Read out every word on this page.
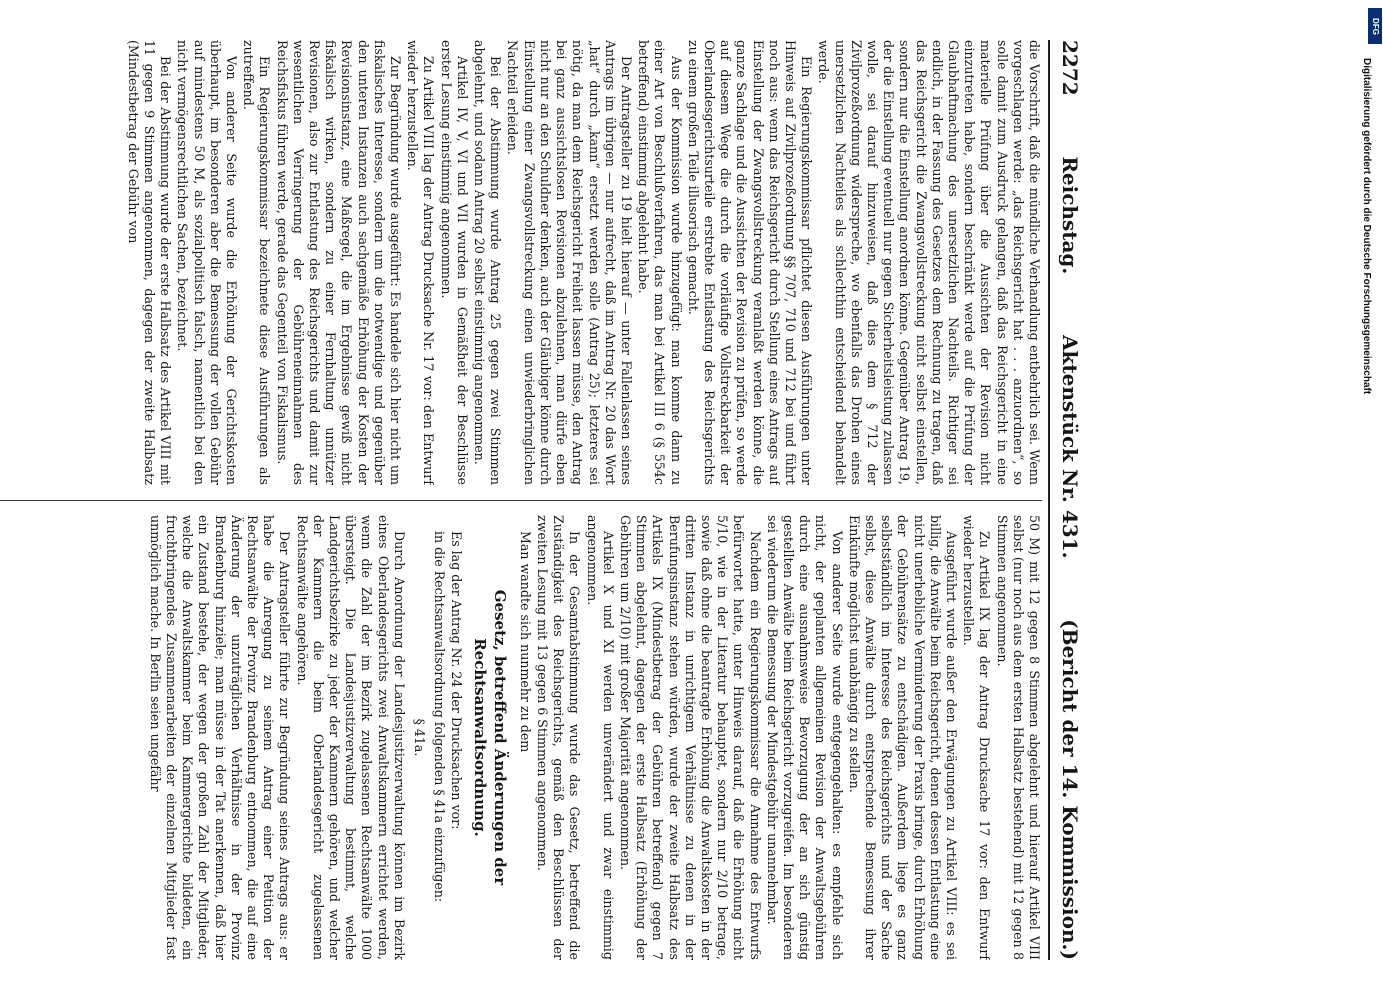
2272
Reichstag.
Aktenstück Nr. 431.
(Bericht der 14. Kommission.)

die Vorschrift, daß die mündliche Verhandlung entbehrlich sei. Wenn vorgeschlagen werde: „das Reichsgericht hat . . . anzuordnen“, so solle damit zum Ausdruck gelangen, daß das Reichsgericht in eine materielle Prüfung über die Aussichten der Revision nicht einzutreten habe, sondern beschränkt werde auf die Prüfung der Glaubhaftmachung des unersetzlichen Nachteils. Richtiger sei endlich, in der Fassung des Gesetzes dem Rechnung zu tragen, daß das Reichsgericht die Zwangsvollstreckung nicht selbst einstellen, sondern nur die Einstellung anordnen könne. Gegenüber Antrag 19, der die Einstellung eventuell nur gegen Sicherheitsleistung zulassen wolle, sei darauf hinzuweisen, daß dies dem § 712 der Zivilprozeßordnung widerspreche, wo ebenfalls das Drohen eines unersetzlichen Nachteiles als schlechthin entscheidend behandelt werde.

Ein Regierungskommissar pflichtet diesen Ausführungen unter Hinweis auf Zivilprozeßordnung §§ 707, 710 und 712 bei und führt noch aus: wenn das Reichsgericht durch Stellung eines Antrags auf Einstellung der Zwangsvollstreckung veranlaßt werden könne, die ganze Sachlage und die Aussichten der Revision zu prüfen, so werde auf diesem Wege die durch die vorläufige Vollstreckbarkeit der Oberlandesgerichtsurteile erstrebte Entlastung des Reichsgerichts zu einem großen Teile illusorisch gemacht.

Aus der Kommission wurde hinzugefügt: man komme dann zu einer Art von Beschlußverfahren, das man bei Artikel III 6 (§ 554c betreffend) einstimmig abgelehnt habe.

Der Antragsteller zu 19 hielt hierauf — unter Fallenlassen seines Antrags im übrigen — nur aufrecht, daß im Antrag Nr. 20 das Wort „hat“ durch „kann“ ersetzt werden solle (Antrag 25); letzteres sei nötig, da man dem Reichsgericht Freiheit lassen müsse, den Antrag bei ganz aussichtslosen Revisionen abzulehnen, man dürfe eben nicht nur an den Schuldner denken, auch der Gläubiger könne durch Einstellung einer Zwangsvollstreckung einen unwiederbringlichen Nachteil erleiden.

Bei der Abstimmung wurde Antrag 25 gegen zwei Stimmen abgelehnt, und sodann Antrag 20 selbst einstimmig angenommen.

Artikel IV, V, VI und VII wurden in Gemäßheit der Beschlüsse erster Lesung einstimmig angenommen.

Zu Artikel VIII lag der Antrag Drucksache Nr. 17 vor: den Entwurf wieder herzustellen.

Zur Begründung wurde ausgeführt: Es handele sich hier nicht um fiskalisches Interesse, sondern um die notwendige und gegenüber den unteren Instanzen auch sachgemäße Erhöhung der Kosten der Revisionsinstanz, eine Maßregel, die im Ergebnisse gewiß nicht fiskalisch wirken, sondern zu einer Fernhaltung unnützer Revisionen, also zur Entlastung des Reichsgerichts und damit zur wesentlichen Verringerung der Gebühreneinnahmen des Reichsfiskus führen werde, gerade das Gegenteil von Fiskalismus.

Ein Regierungskommissar bezeichnete diese Ausführungen als zutreffend.

Von anderer Seite wurde die Erhöhung der Gerichtskosten überhaupt, im besonderen aber die Bemessung der vollen Gebühr auf mindestens 50 M, als sozialpolitisch falsch, namentlich bei den nicht vermögensrechtlichen Sachen, bezeichnet.

Bei der Abstimmung wurde der erste Halbsatz des Artikel VIII mit 11 gegen 9 Stimmen angenommen, dagegen der zweite Halbsatz (Mindestbetrag der Gebühr von

50 M) mit 12 gegen 8 Stimmen abgelehnt und hierauf Artikel VIII selbst (nur noch aus dem ersten Halbsatz bestehend) mit 12 gegen 8 Stimmen angenommen.

Zu Artikel IX lag der Antrag Drucksache 17 vor: den Entwurf wieder herzustellen.

Ausgeführt wurde außer den Erwägungen zu Artikel VIII: es sei billig, die Anwälte beim Reichsgericht, denen dessen Entlastung eine nicht unerhebliche Verminderung der Praxis bringe, durch Erhöhung der Gebührensätze zu entschädigen. Außerdem liege es ganz selbstständlich im Interesse des Reichsgerichts und der Sache selbst, diese Anwälte durch entsprechende Bemessung ihrer Einkünfte möglichst unabhängig zu stellen.

Von anderer Seite wurde entgegengehalten: es empfehle sich nicht, der geplanten allgemeinen Revision der Anwaltsgebühren durch eine ausnahmsweise Bevorzugung der an sich günstig gestellten Anwälte beim Reichsgericht vorzugreifen. Im besonderen sei wiederum die Bemessung der Mindestgebühr unannehmbar.

Nachdem ein Regierungskommissar die Annahme des Entwurfs befürwortet hatte, unter Hinweis darauf, daß die Erhöhung nicht 5/10, wie in der Literatur behauptet, sondern nur 2/10 betrage, sowie daß ohne die beantragte Erhöhung die Anwaltskosten in der dritten Instanz in unrichtigem Verhältnisse zu denen in der Berufungsinstanz stehen würden, wurde der zweite Halbsatz des Artikels IX (Mindestbetrag der Gebühren betreffend) gegen 7 Stimmen abgelehnt, dagegen der erste Halbsatz (Erhöhung der Gebühren um 2/10) mit großer Majorität angenommen.

Artikel X und XI werden unverändert und zwar einstimmig angenommen.

In der Gesamtabstimmung wurde das Gesetz, betreffend die Zuständigkeit des Reichsgerichts, gemäß den Beschlüssen der zweiten Lesung mit 13 gegen 6 Stimmen angenommen.

Man wandte sich nunmehr zu dem

Gesetz, betreffend Änderungen der Rechtsanwaltsordnung.

Es lag der Antrag Nr. 24 der Drucksachen vor:

in die Rechtsanwaltsordnung folgenden § 41a einzufügen:

§ 41a.

Durch Anordnung der Landesjustizverwaltung können im Bezirk eines Oberlandesgerichts zwei Anwaltskammern errichtet werden, wenn die Zahl der im Bezirk zugelassenen Rechtsanwälte 1000 übersteigt. Die Landesjustizverwaltung bestimmt, welche Landgerichtsbezirke zu jeder der Kammern gehören, und welcher der Kammern die beim Oberlandesgericht zugelassenen Rechtsanwälte angehören.

Der Antragsteller führte zur Begründung seines Antrags aus: er habe die Anregung zu seinem Antrag einer Petition der Rechtsanwälte der Provinz Brandenburg entnommen, die auf eine Änderung der unzuträglichen Verhältnisse in der Provinz Brandenburg hinziele; man müsse in der Tat anerkennen, daß hier ein Zustand bestehe, der wegen der großen Zahl der Mitglieder, welche die Anwaltskammer beim Kammergerichte bildeten, ein fruchtbringendes Zusammenarbeiten der einzelnen Mitglieder fast unmöglich mache. In Berlin seien ungefähr

Digitalisierung gefördert durch die Deutsche Forschungsgemeinschaft
DFG
